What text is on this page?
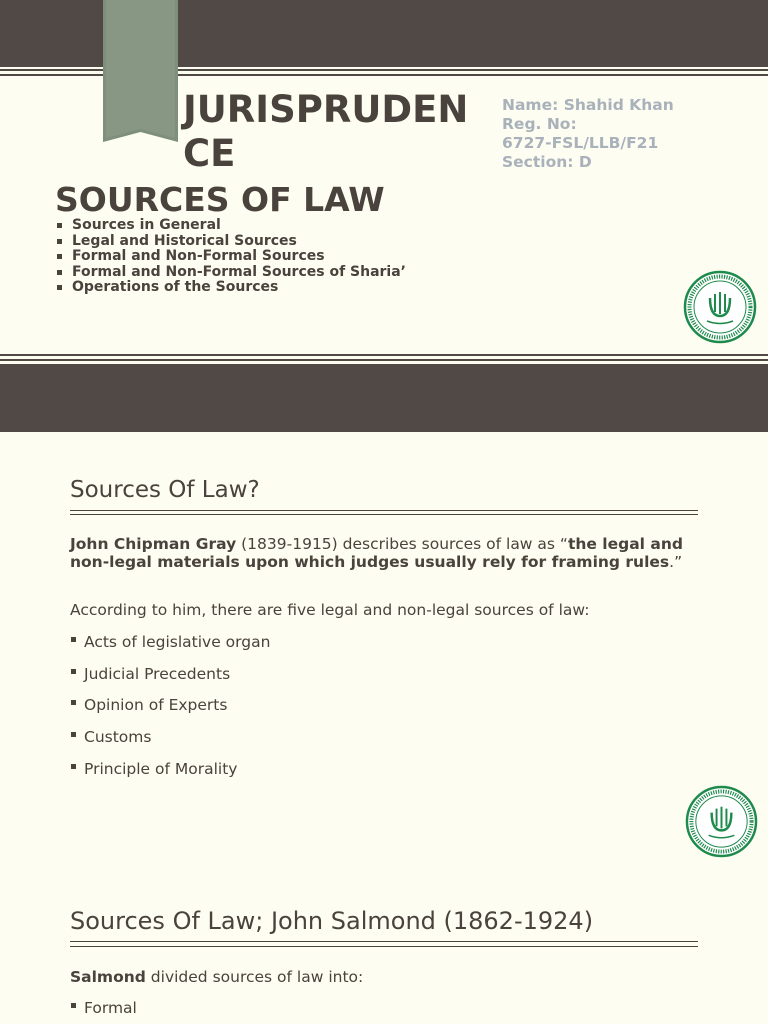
JURISPRUDENCE
Name: Shahid Khan
Reg. No:
6727-FSL/LLB/F21
Section: D
SOURCES OF LAW
Sources in General
Legal and Historical Sources
Formal and Non-Formal Sources
Formal and Non-Formal Sources of Sharia’
Operations of the Sources
Sources Of Law?

John Chipman Gray (1839-1915) describes sources of law as “the legal and non-legal materials upon which judges usually rely for framing rules.”

According to him, there are five legal and non-legal sources of law:

Acts of legislative organ
Judicial Precedents
Opinion of Experts
Customs
Principle of Morality
Sources Of Law; John Salmond (1862-1924)

Salmond divided sources of law into:

Formal
